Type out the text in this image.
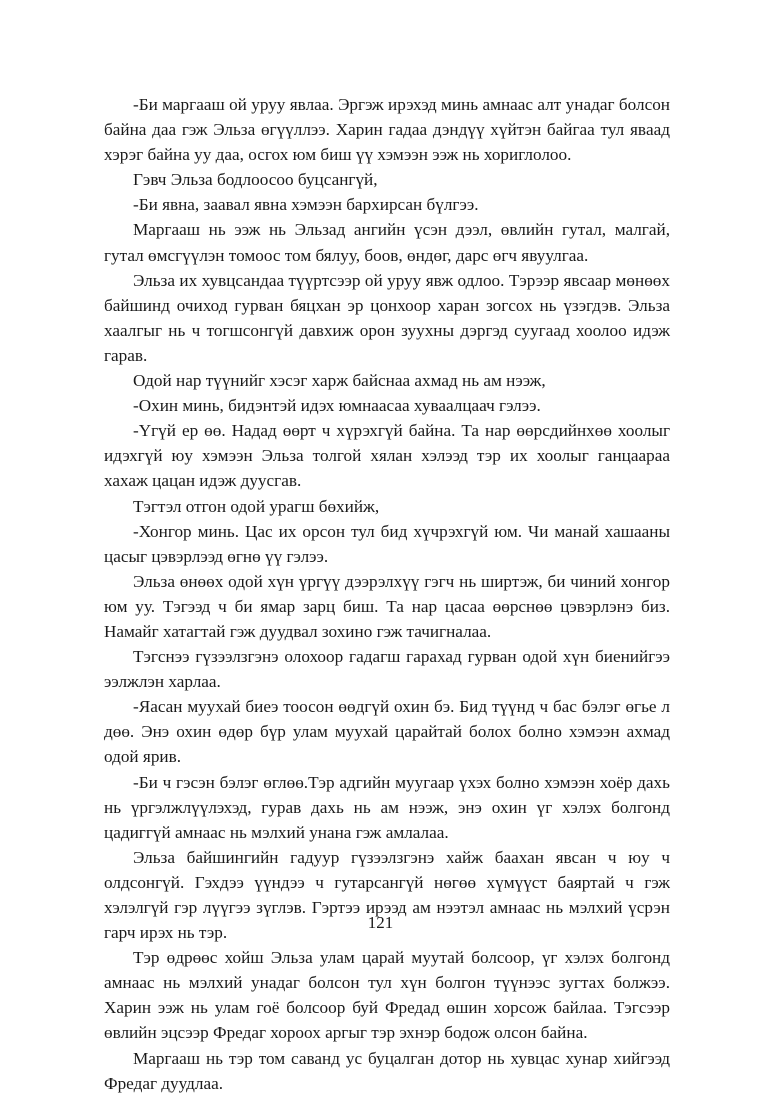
-Би маргааш ой уруу явлаа. Эргэж ирэхэд минь амнаас алт унадаг болсон байна даа гэж Эльза өгүүллээ. Харин гадаа дэндүү хүйтэн байгаа тул явaад хэрэг байна уу даа, осгох юм биш үү хэмээн ээж нь хориглолоо.

Гэвч Эльза бодлоосоо буцсангүй,

-Би явна, заавал явна хэмээн бархирсан бүлгээ.

Маргааш нь ээж нь Эльзад ангийн үсэн дээл, өвлийн гутал, малгай, гутал өмсгүүлэн томоос том бялуу, боов, өндөг, дарс өгч явуулгаа.

Эльза их хувцсандаа түүртсээр ой уруу явж одлоо. Тэрээр явсаар мөнөөх байшинд очиход гурван бяцхан эр цонхоор харан зогсох нь үзэгдэв. Эльза хаалгыг нь ч тогшсонгүй давхиж орон зуухны дэргэд суугаад хоолоо идэж гарав.

Одой нар түүнийг хэсэг харж байснаа ахмад нь ам нээж,

-Охин минь, бидэнтэй идэх юмнаасаа хуваалцаач гэлээ.

-Үгүй ер өө. Надад өөрт ч хүрэхгүй байна. Та нар өөрсдийнхөө хоолыг идэхгүй юу хэмээн Эльза толгой хялан хэлээд тэр их хоолыг ганцаараа хахаж цацан идэж дуусгав.

Тэгтэл отгон одой урагш бөхийж,

-Хонгор минь. Цас их орсон тул бид хүчрэхгүй юм. Чи манай хашааны цасыг цэвэрлээд өгнө үү гэлээ.

Эльза өнөөх одой хүн үргүү дээрэлхүү гэгч нь ширтэж, би чиний хонгор юм уу. Тэгээд ч би ямар зарц биш. Та нар цасаа өөрснөө цэвэрлэнэ биз. Намайг хатагтай гэж дуудвал зохино гэж тачигналаа.

Тэгснээ гүзээлзгэнэ олохоор гадагш гарахад гурван одой хүн биенийгээ ээлжлэн харлаа.

-Яасан муухай биеэ тоосон өөдгүй охин бэ. Бид түүнд ч бас бэлэг өгье л дөө. Энэ охин өдөр бүр улам муухай царайтай болох болно хэмээн ахмад одой ярив.

-Би ч гэсэн бэлэг өглөө.Тэр адгийн муугаар үхэх болно хэмээн хоёр дахь нь үргэлжлүүлэхэд, гурав дахь нь ам нээж, энэ охин үг хэлэх болгонд цадиггүй амнаас нь мэлхий унана гэж амлалаа.

Эльза байшингийн гадуур гүзээлзгэнэ хайж баахан явсан ч юу ч олдсонгүй. Гэхдээ үүндээ ч гутарсангүй нөгөө хүмүүст баяртай ч гэж хэлэлгүй гэр лүүгээ зүглэв. Гэртээ ирээд ам нээтэл амнаас нь мэлхий үсрэн гарч ирэх нь тэр.

Тэр өдрөөс хойш Эльза улам царай муутай болсоор, үг хэлэх болгонд амнаас нь мэлхий унадаг болсон тул хүн болгон түүнээс зугтах болжээ. Харин ээж нь улам гоё болсоор буй Фредад өшин хорсож байлаа. Тэгсээр өвлийн эцсээр Фредаг хороох аргыг тэр эхнэр бодож олсон байна.

Маргааш нь тэр том саванд ус буцалган дотор нь хувцас хунар хийгээд Фредаг дуудлаа.

121
